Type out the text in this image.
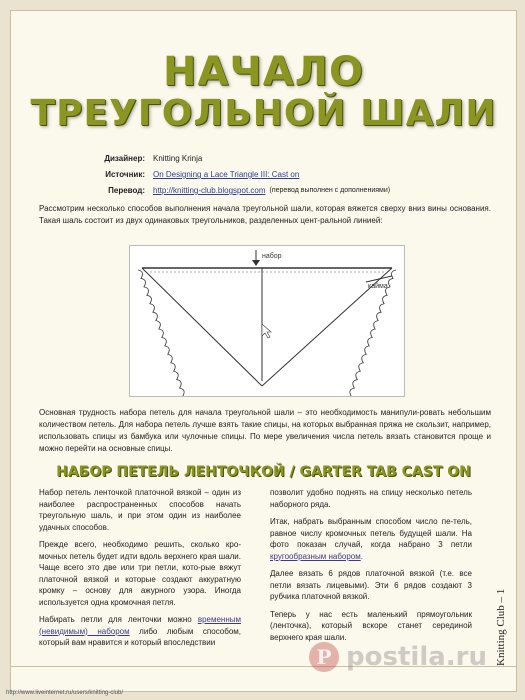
НАЧАЛО
ТРЕУГОЛЬНОЙ ШАЛИ
Дизайнер: Knitting Krinja
Источник: On Designing a Lace Triangle III: Cast on
Перевод: http://knitting-club.blogspot.com (перевод выполнен с дополнениями)
Рассмотрим несколько способов выполнения начала треугольной шали, которая вяжется сверху вниз вины основания. Такая шаль состоит из двух одинаковых треугольников, разделенных цент-ральной линией:
набор
кайма
Основная трудность набора петель для начала треугольной шали – это необходимость манипули-ровать небольшим количеством петель. Для набора петель лучше взять такие спицы, на которых выбранная пряжа не скользит, например, использовать спицы из бамбука или чулочные спицы. По мере увеличения числа петель вязать становится проще и можно перейти на основные спицы.
НАБОР ПЕТЕЛЬ ЛЕНТОЧКОЙ / GARTER TAB CAST ON

Набор петель ленточкой платочной вязкой – один из наиболее распространенных способов начать треугольную шаль, и при этом один из наиболее удачных способов.

Прежде всего, необходимо решить, сколько кро-мочных петель будет идти вдоль верхнего края шали. Чаще всего это две или три петли, кото-рые вяжут платочной вязкой и которые создают аккуратную кромку – основу для ажурного узора. Иногда используется одна кромочная петля.

Набирать петли для ленточки можно временным (невидимым) набором либо любым способом, который вам нравится и который впоследствии

позволит удобно поднять на спицу несколько петель наборного ряда.

Итак, набрать выбранным способом число пе-тель, равное числу кромочных петель будущей шали. На фото показан случай, когда набрано 3 петли кругообразным набором.

Далее вязать 6 рядов платочной вязкой (т.е. все петли вязать лицевыми). Эти 6 рядов создают 3 рубчика платочной вязкой.

Теперь у нас есть маленький прямоугольник (ленточка), который вскоре станет серединой верхнего края шали.	Knitting Club – 1
P postila.ru
http://www.liveinternet.ru/users/knitting-club/
